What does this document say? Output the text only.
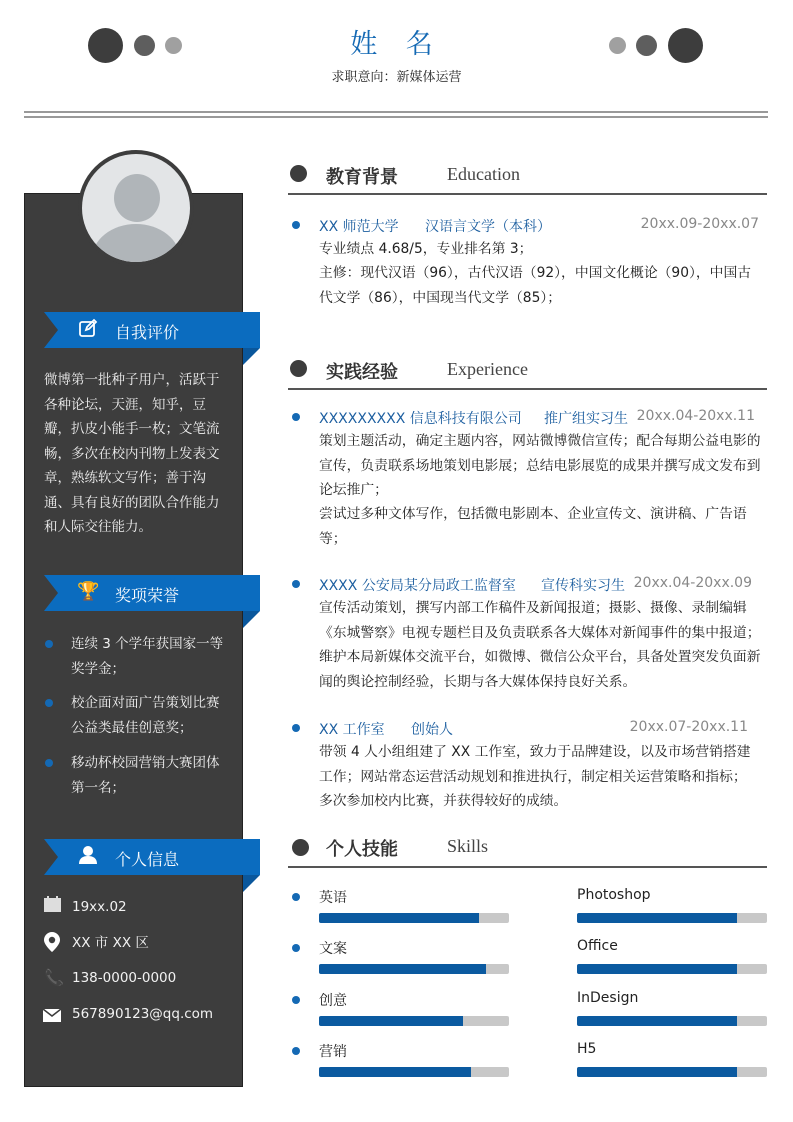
姓 名
求职意向：新媒体运营
自我评价
微博第一批种子用户，活跃于各种论坛，天涯，知乎，豆瓣，扒皮小能手一枚；文笔流畅，多次在校内刊物上发表文章，熟练软文写作；善于沟通、具有良好的团队合作能力和人际交往能力。
🏆 奖项荣誉
连续 3 个学年获国家一等奖学金；
校企面对面广告策划比赛公益类最佳创意奖；
移动杯校园营销大赛团体第一名；
个人信息
19xx.02
XX 市 XX 区
📞 138-0000-0000
567890123@qq.com
教育背景	Education
XX 师范大学 汉语言文学（本科）	20xx.09-20xx.07
专业绩点 4.68/5，专业排名第 3；
主修：现代汉语（96），古代汉语（92），中国文化概论（90），中国古代文学（86），中国现当代文学（85）；
实践经验	Experience
XXXXXXXXX 信息科技有限公司 推广组实习生 20xx.04-20xx.11
策划主题活动，确定主题内容，网站微博微信宣传；配合每期公益电影的宣传，负责联系场地策划电影展；总结电影展览的成果并撰写成文发布到论坛推广；
尝试过多种文体写作，包括微电影剧本、企业宣传文、演讲稿、广告语等；
XXXX 公安局某分局政工监督室 宣传科实习生 20xx.04-20xx.09
宣传活动策划，撰写内部工作稿件及新闻报道；摄影、摄像、录制编辑《东城警察》电视专题栏目及负责联系各大媒体对新闻事件的集中报道；维护本局新媒体交流平台，如微博、微信公众平台，具备处置突发负面新闻的舆论控制经验，长期与各大媒体保持良好关系。
XX 工作室 创始人	20xx.07-20xx.11
带领 4 人小组组建了 XX 工作室，致力于品牌建设，以及市场营销搭建工作；网站常态运营活动规划和推进执行，制定相关运营策略和指标；
多次参加校内比赛，并获得较好的成绩。
个人技能	Skills
英语
文案
创意
营销
Photoshop
Office
InDesign
H5
